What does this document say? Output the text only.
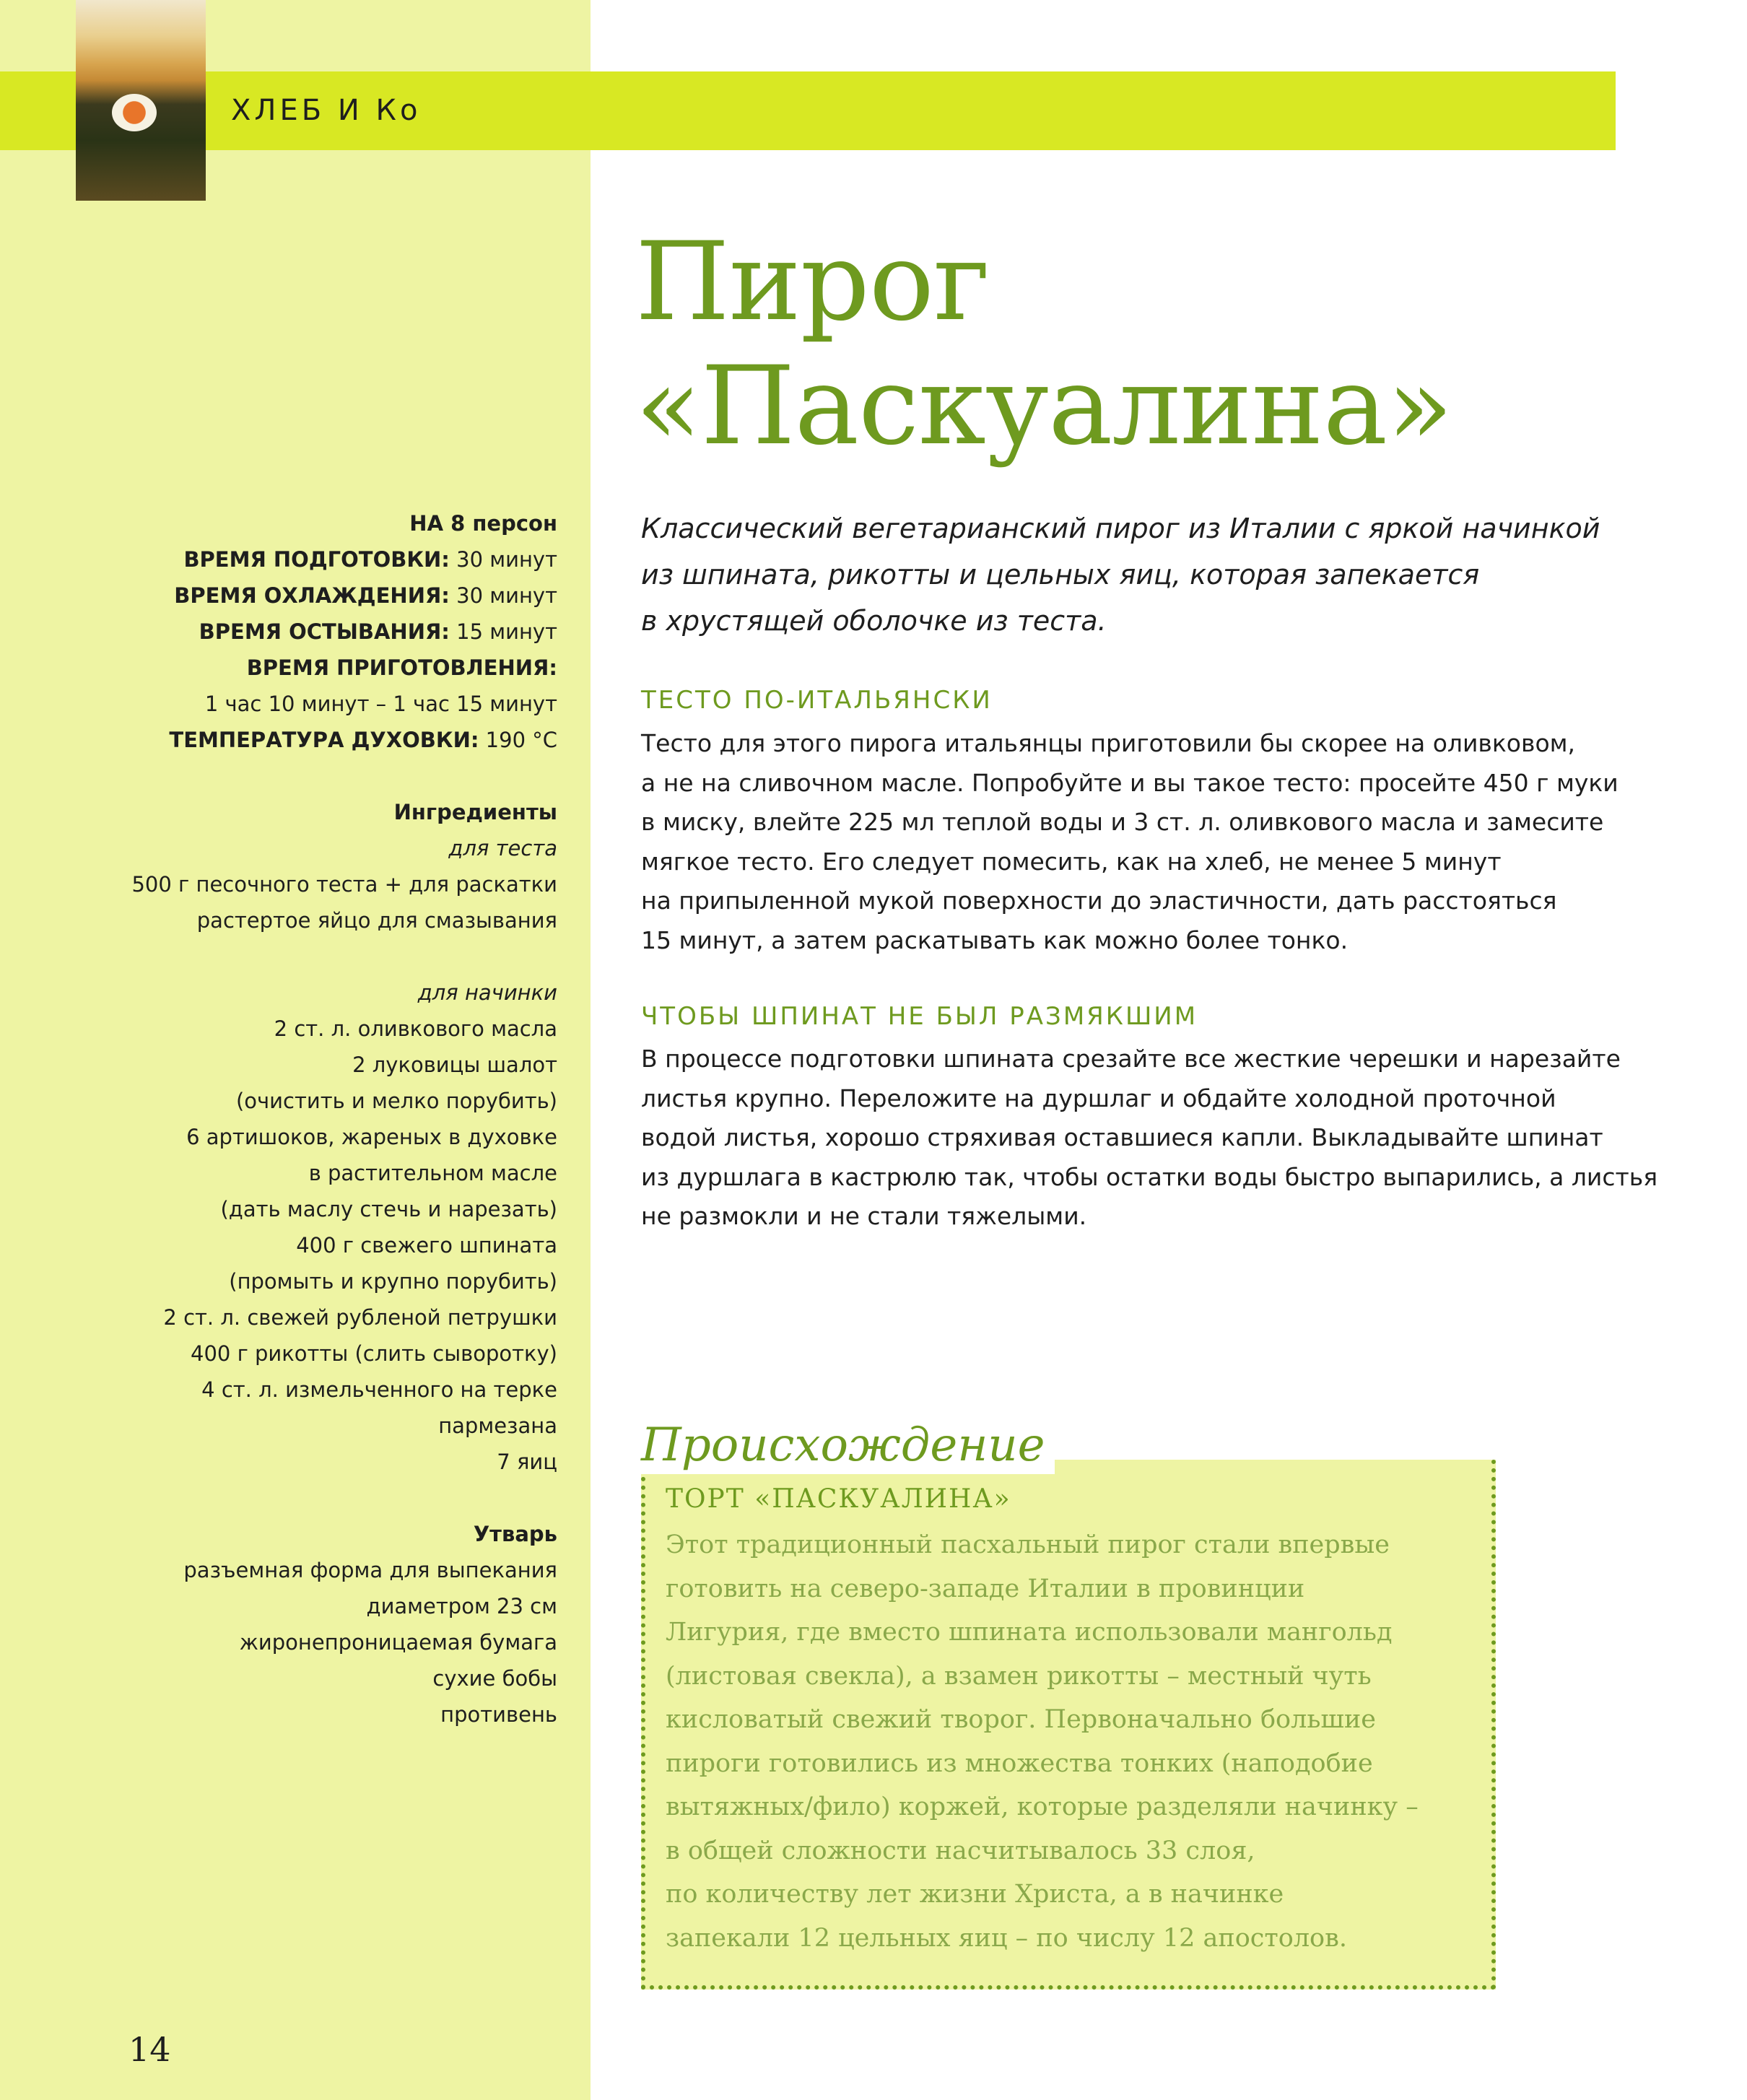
ХЛЕБ И Ко
Пирог
«Паскуалина»
НА 8 персон
ВРЕМЯ ПОДГОТОВКИ: 30 минут
ВРЕМЯ ОХЛАЖДЕНИЯ: 30 минут
ВРЕМЯ ОСТЫВАНИЯ: 15 минут
ВРЕМЯ ПРИГОТОВЛЕНИЯ:
1 час 10 минут – 1 час 15 минут
ТЕМПЕРАТУРА ДУХОВКИ: 190 °C
Ингредиенты
для теста
500 г песочного теста + для раскатки
растертое яйцо для смазывания
для начинки
2 ст. л. оливкового масла
2 луковицы шалот
(очистить и мелко порубить)
6 артишоков, жареных в духовке
в растительном масле
(дать маслу стечь и нарезать)
400 г свежего шпината
(промыть и крупно порубить)
2 ст. л. свежей рубленой петрушки
400 г рикотты (слить сыворотку)
4 ст. л. измельченного на терке
пармезана
7 яиц
Утварь
разъемная форма для выпекания
диаметром 23 см
жиронепроницаемая бумага
сухие бобы
противень
Классический вегетарианский пирог из Италии с яркой начинкой
из шпината, рикотты и цельных яиц, которая запекается
в хрустящей оболочке из теста.
ТЕСТО ПО-ИТАЛЬЯНСКИ
Тесто для этого пирога итальянцы приготовили бы скорее на оливковом,
а не на сливочном масле. Попробуйте и вы такое тесто: просейте 450 г муки
в миску, влейте 225 мл теплой воды и 3 ст. л. оливкового масла и замесите
мягкое тесто. Его следует помесить, как на хлеб, не менее 5 минут
на припыленной мукой поверхности до эластичности, дать расстояться
15 минут, а затем раскатывать как можно более тонко.
ЧТОБЫ ШПИНАТ НЕ БЫЛ РАЗМЯКШИМ
В процессе подготовки шпината срезайте все жесткие черешки и нарезайте
листья крупно. Переложите на дуршлаг и обдайте холодной проточной
водой листья, хорошо стряхивая оставшиеся капли. Выкладывайте шпинат
из дуршлага в кастрюлю так, чтобы остатки воды быстро выпарились, а листья
не размокли и не стали тяжелыми.
Происхождение
ТОРТ «ПАСКУАЛИНА»
Этот традиционный пасхальный пирог стали впервые
готовить на северо-западе Италии в провинции
Лигурия, где вместо шпината использовали мангольд
(листовая свекла), а взамен рикотты – местный чуть
кисловатый свежий творог. Первоначально большие
пироги готовились из множества тонких (наподобие
вытяжных/фило) коржей, которые разделяли начинку –
в общей сложности насчитывалось 33 слоя,
по количеству лет жизни Христа, а в начинке
запекали 12 цельных яиц – по числу 12 апостолов.
14
